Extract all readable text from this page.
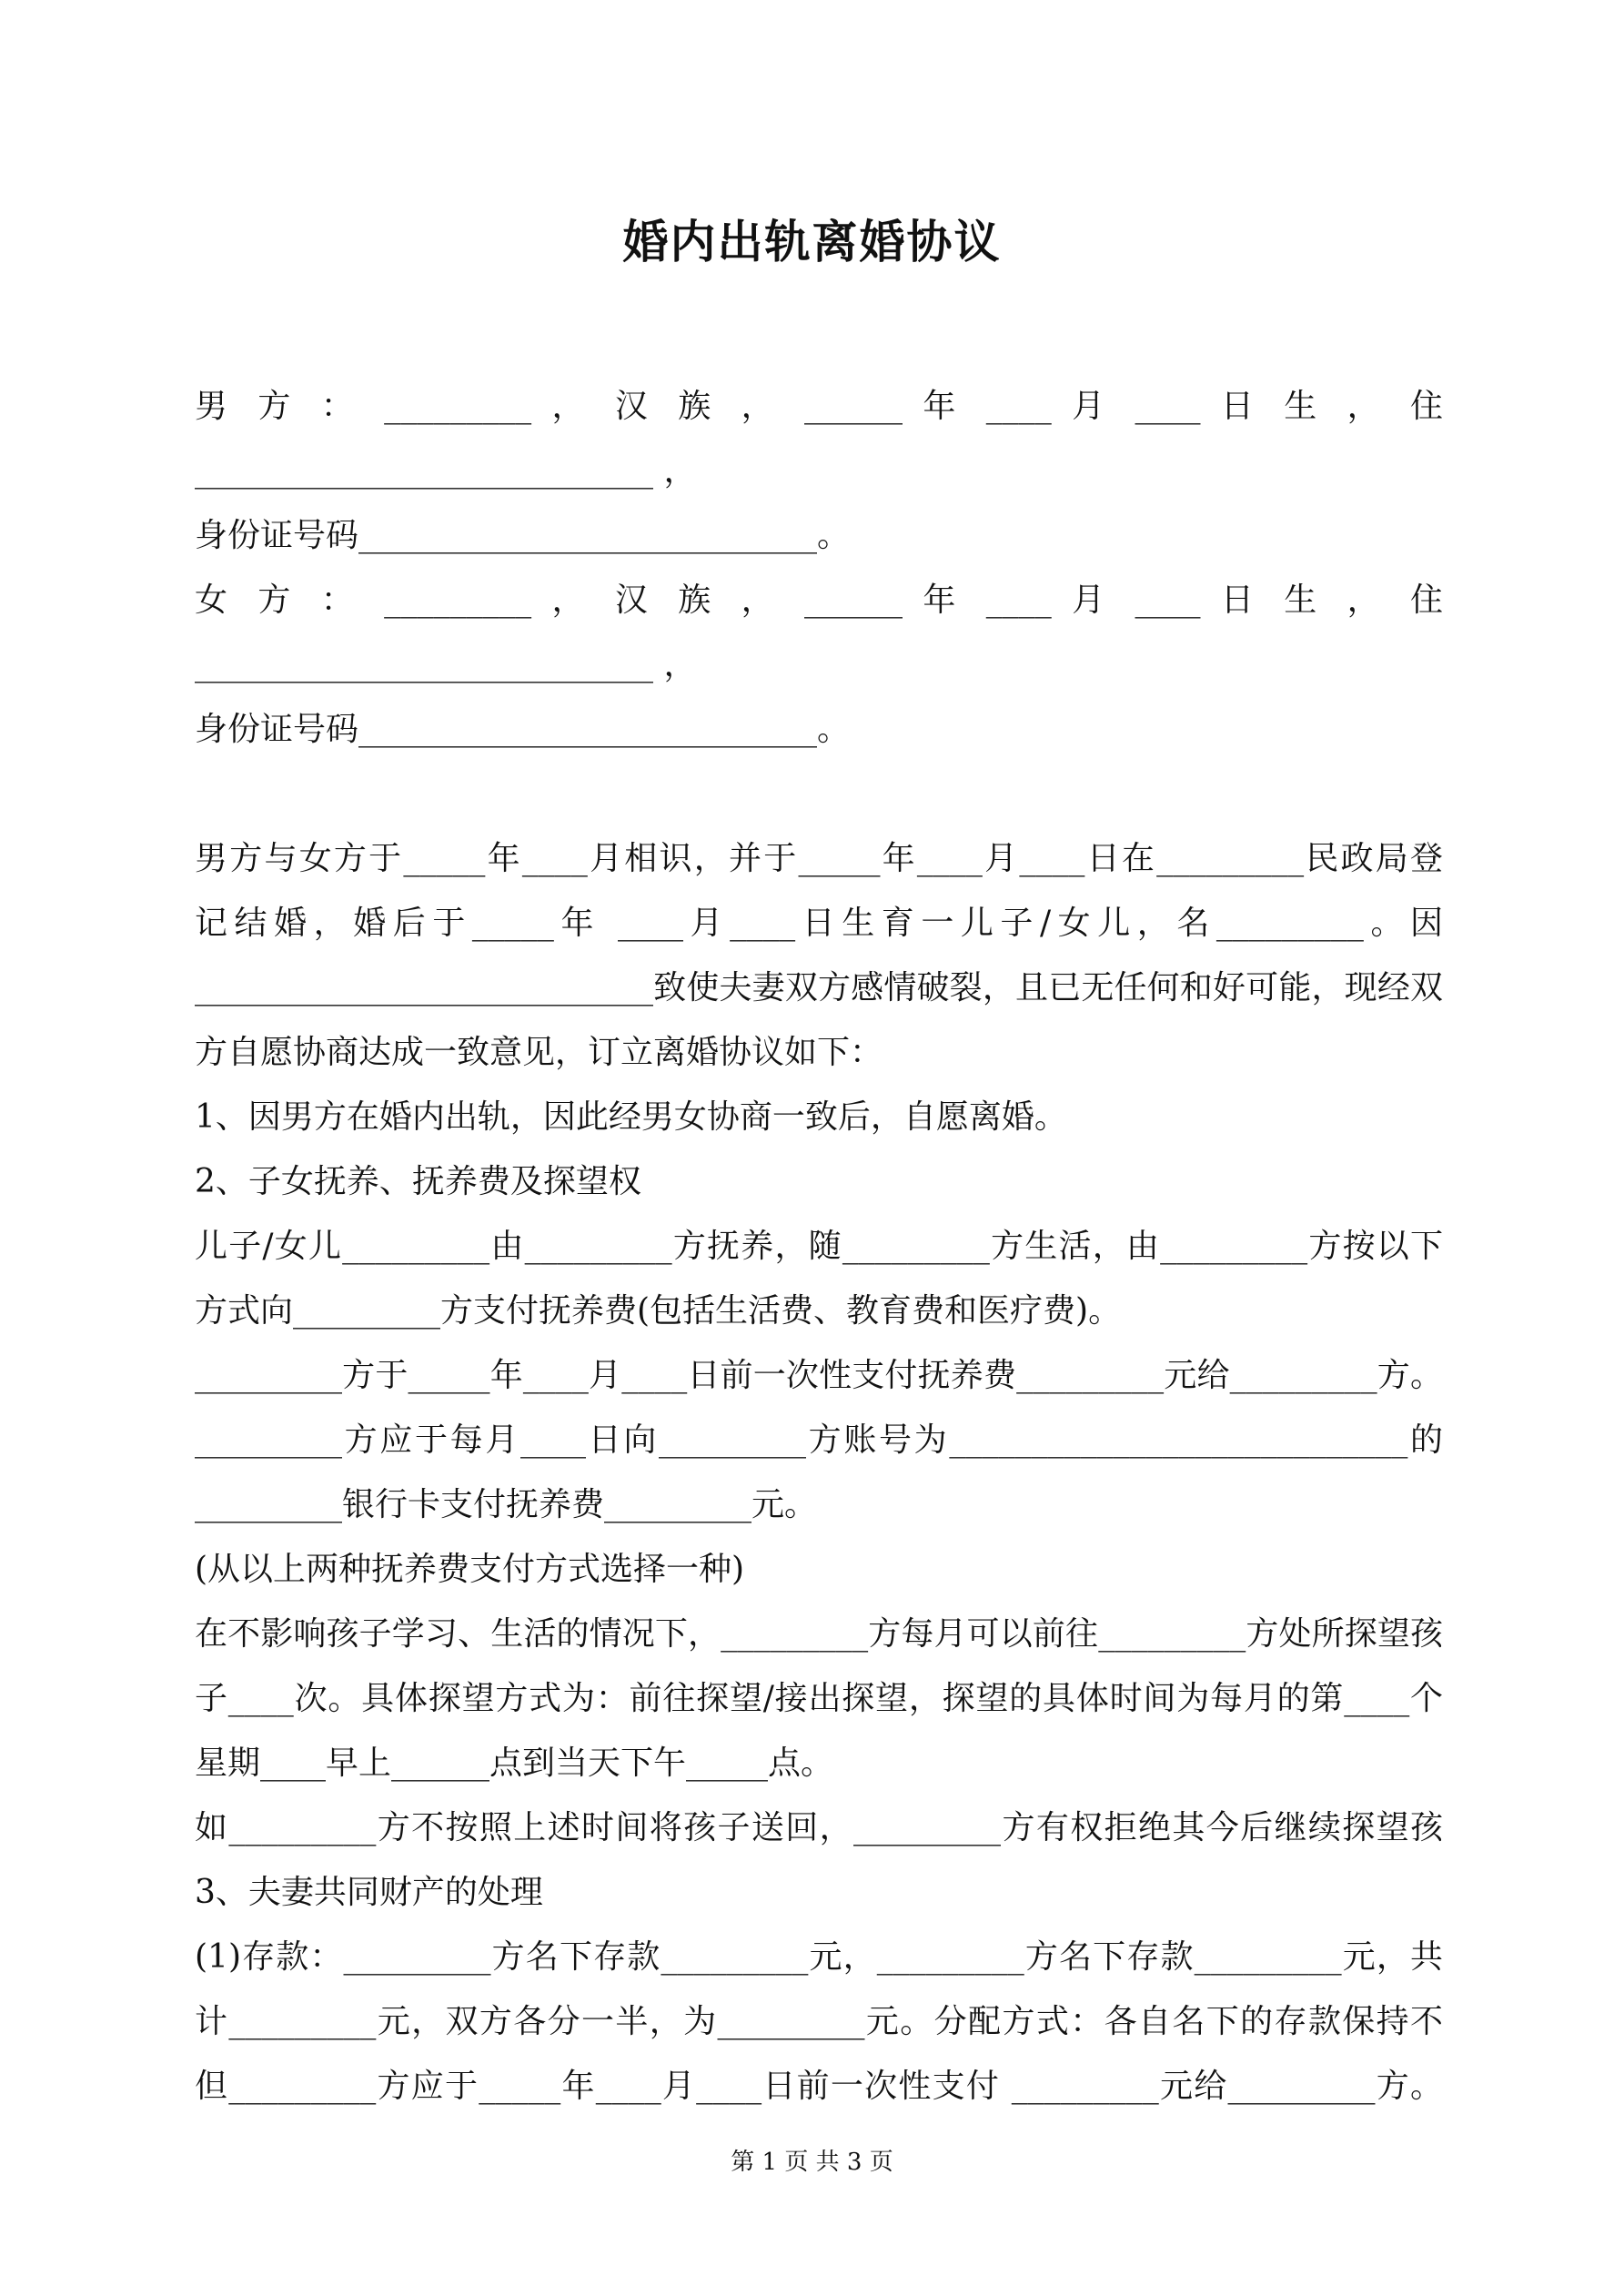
婚内出轨离婚协议
男 方 ： _________ ， 汉 族 ， ______ 年 ____ 月 ____ 日 生 ， 住
____________________________ ，
身份证号码____________________________。
女 方 ： _________ ， 汉 族 ， ______ 年 ____ 月 ____ 日 生 ， 住
____________________________ ，
身份证号码____________________________。
男方与女方于_____年____月相识，并于_____年____月____日在_________民政局登
记结婚，婚后于_____年 ____月____日生育一儿子/女儿，名_________。因
____________________________致使夫妻双方感情破裂，且已无任何和好可能，现经双
方自愿协商达成一致意见，订立离婚协议如下：
1、因男方在婚内出轨，因此经男女协商一致后，自愿离婚。
2、子女抚养、抚养费及探望权
儿子/女儿_________由_________方抚养，随_________方生活，由_________方按以下
方式向_________方支付抚养费(包括生活费、教育费和医疗费)。
_________方于_____年____月____日前一次性支付抚养费_________元给_________方。
_________方应于每月____日向_________方账号为____________________________的
_________银行卡支付抚养费_________元。
(从以上两种抚养费支付方式选择一种)
在不影响孩子学习、生活的情况下，_________方每月可以前往_________方处所探望孩
子____次。具体探望方式为：前往探望/接出探望，探望的具体时间为每月的第____个
星期____早上______点到当天下午_____点。
如_________方不按照上述时间将孩子送回，_________方有权拒绝其今后继续探望孩
3、夫妻共同财产的处理
(1)存款：_________方名下存款_________元，_________方名下存款_________元，共
计_________元，双方各分一半，为_________元。分配方式：各自名下的存款保持不
但_________方应于_____年____月____日前一次性支付 _________元给_________方。
第 1 页 共 3 页
